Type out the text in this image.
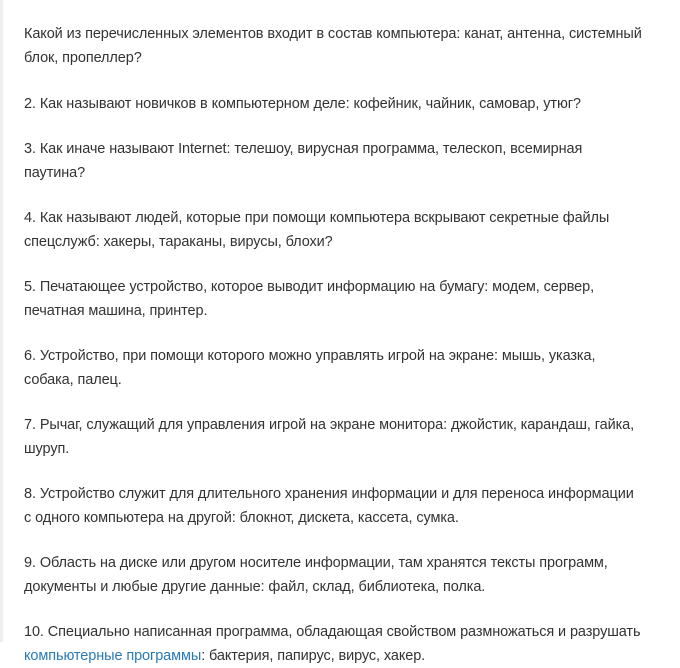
Какой из перечисленных элементов входит в состав компьютера: канат, антенна, системный блок, пропеллер?

2. Как называют новичков в компьютерном деле: кофейник, чайник, самовар, утюг?

3. Как иначе называют Internet: телешоу, вирусная программа, телескоп, всемирная паутина?

4. Как называют людей, которые при помощи компьютера вскрывают секретные файлы спецслужб: хакеры, тараканы, вирусы, блохи?

5. Печатающее устройство, которое выводит информацию на бумагу: модем, сервер, печатная машина, принтер.

6. Устройство, при помощи которого можно управлять игрой на экране: мышь, указка, собака, палец.

7. Рычаг, служащий для управления игрой на экране монитора: джойстик, карандаш, гайка, шуруп.

8. Устройство служит для длительного хранения информации и для переноса информации с одного компьютера на другой: блокнот, дискета, кассета, сумка.

9. Область на диске или другом носителе информации, там хранятся тексты программ, документы и любые другие данные: файл, склад, библиотека, полка.

10. Специально написанная программа, обладающая свойством размножаться и разрушать компьютерные программы: бактерия, папирус, вирус, хакер.
